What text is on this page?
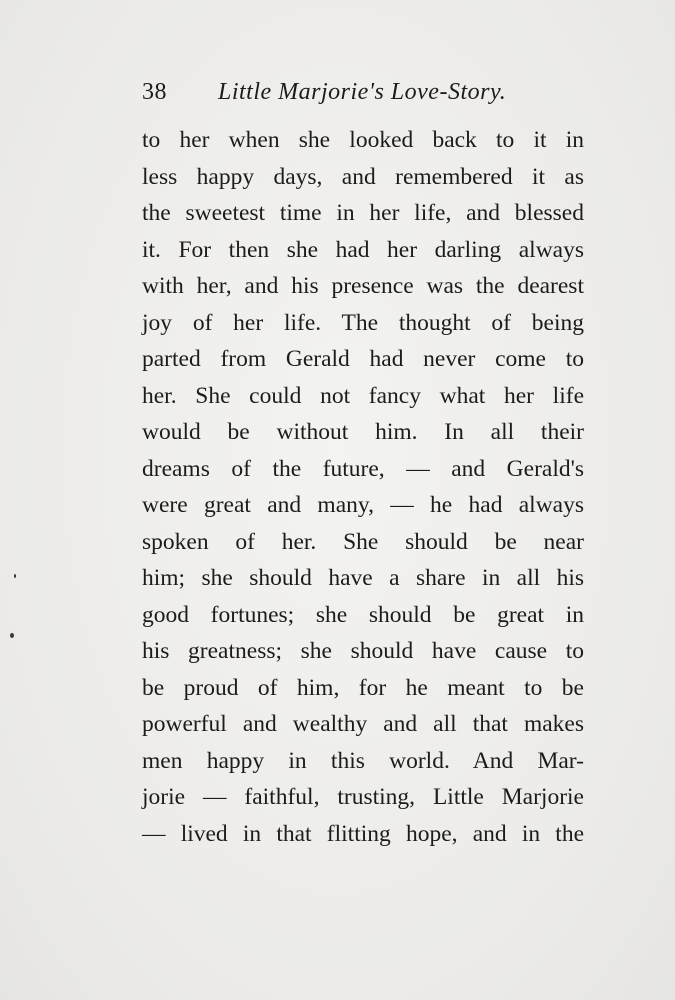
38 Little Marjorie's Love-Story.
to her when she looked back to it in
less happy days, and remembered it as
the sweetest time in her life, and blessed
it. For then she had her darling always
with her, and his presence was the dearest
joy of her life. The thought of being
parted from Gerald had never come to
her. She could not fancy what her life
would be without him. In all their
dreams of the future, — and Gerald's
were great and many, — he had always
spoken of her. She should be near
him; she should have a share in all his
good fortunes; she should be great in
his greatness; she should have cause to
be proud of him, for he meant to be
powerful and wealthy and all that makes
men happy in this world. And Mar-
jorie — faithful, trusting, Little Marjorie
— lived in that flitting hope, and in the
